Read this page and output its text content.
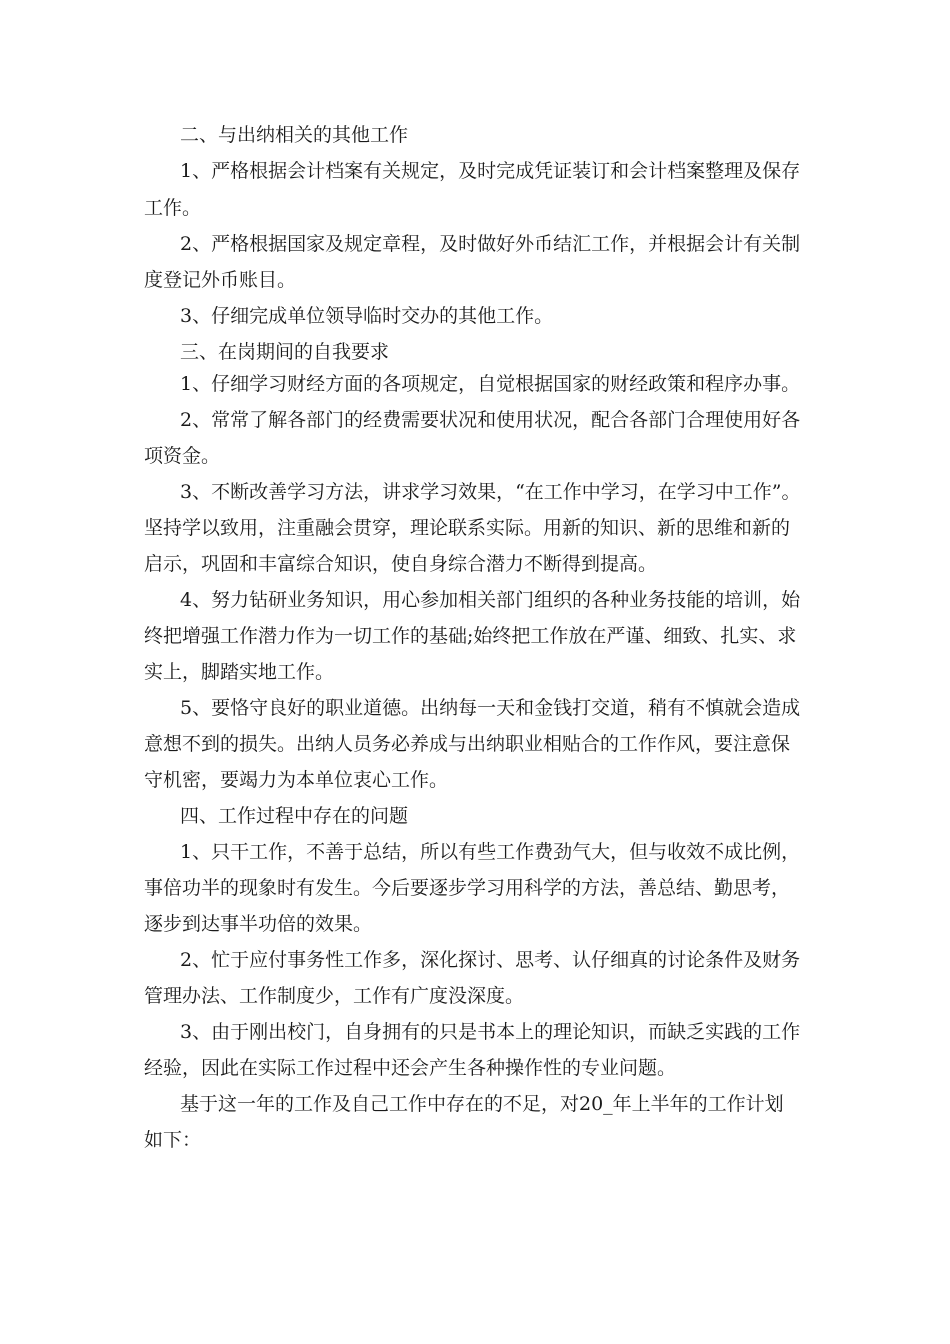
二、与出纳相关的其他工作
1、严格根据会计档案有关规定，及时完成凭证装订和会计档案整理及保存
工作。
2、严格根据国家及规定章程，及时做好外币结汇工作，并根据会计有关制
度登记外币账目。
3、仔细完成单位领导临时交办的其他工作。
三、在岗期间的自我要求
1、仔细学习财经方面的各项规定，自觉根据国家的财经政策和程序办事。
2、常常了解各部门的经费需要状况和使用状况，配合各部门合理使用好各
项资金。
3、不断改善学习方法，讲求学习效果，“在工作中学习，在学习中工作”。
坚持学以致用，注重融会贯穿，理论联系实际。用新的知识、新的思维和新的
启示，巩固和丰富综合知识，使自身综合潜力不断得到提高。
4、努力钻研业务知识，用心参加相关部门组织的各种业务技能的培训，始
终把增强工作潜力作为一切工作的基础;始终把工作放在严谨、细致、扎实、求
实上，脚踏实地工作。
5、要恪守良好的职业道德。出纳每一天和金钱打交道，稍有不慎就会造成
意想不到的损失。出纳人员务必养成与出纳职业相贴合的工作作风，要注意保
守机密，要竭力为本单位衷心工作。
四、工作过程中存在的问题
1、只干工作，不善于总结，所以有些工作费劲气大，但与收效不成比例，
事倍功半的现象时有发生。今后要逐步学习用科学的方法，善总结、勤思考，
逐步到达事半功倍的效果。
2、忙于应付事务性工作多，深化探讨、思考、认仔细真的讨论条件及财务
管理办法、工作制度少，工作有广度没深度。
3、由于刚出校门，自身拥有的只是书本上的理论知识，而缺乏实践的工作
经验，因此在实际工作过程中还会产生各种操作性的专业问题。
基于这一年的工作及自己工作中存在的不足，对20_年上半年的工作计划
如下：
